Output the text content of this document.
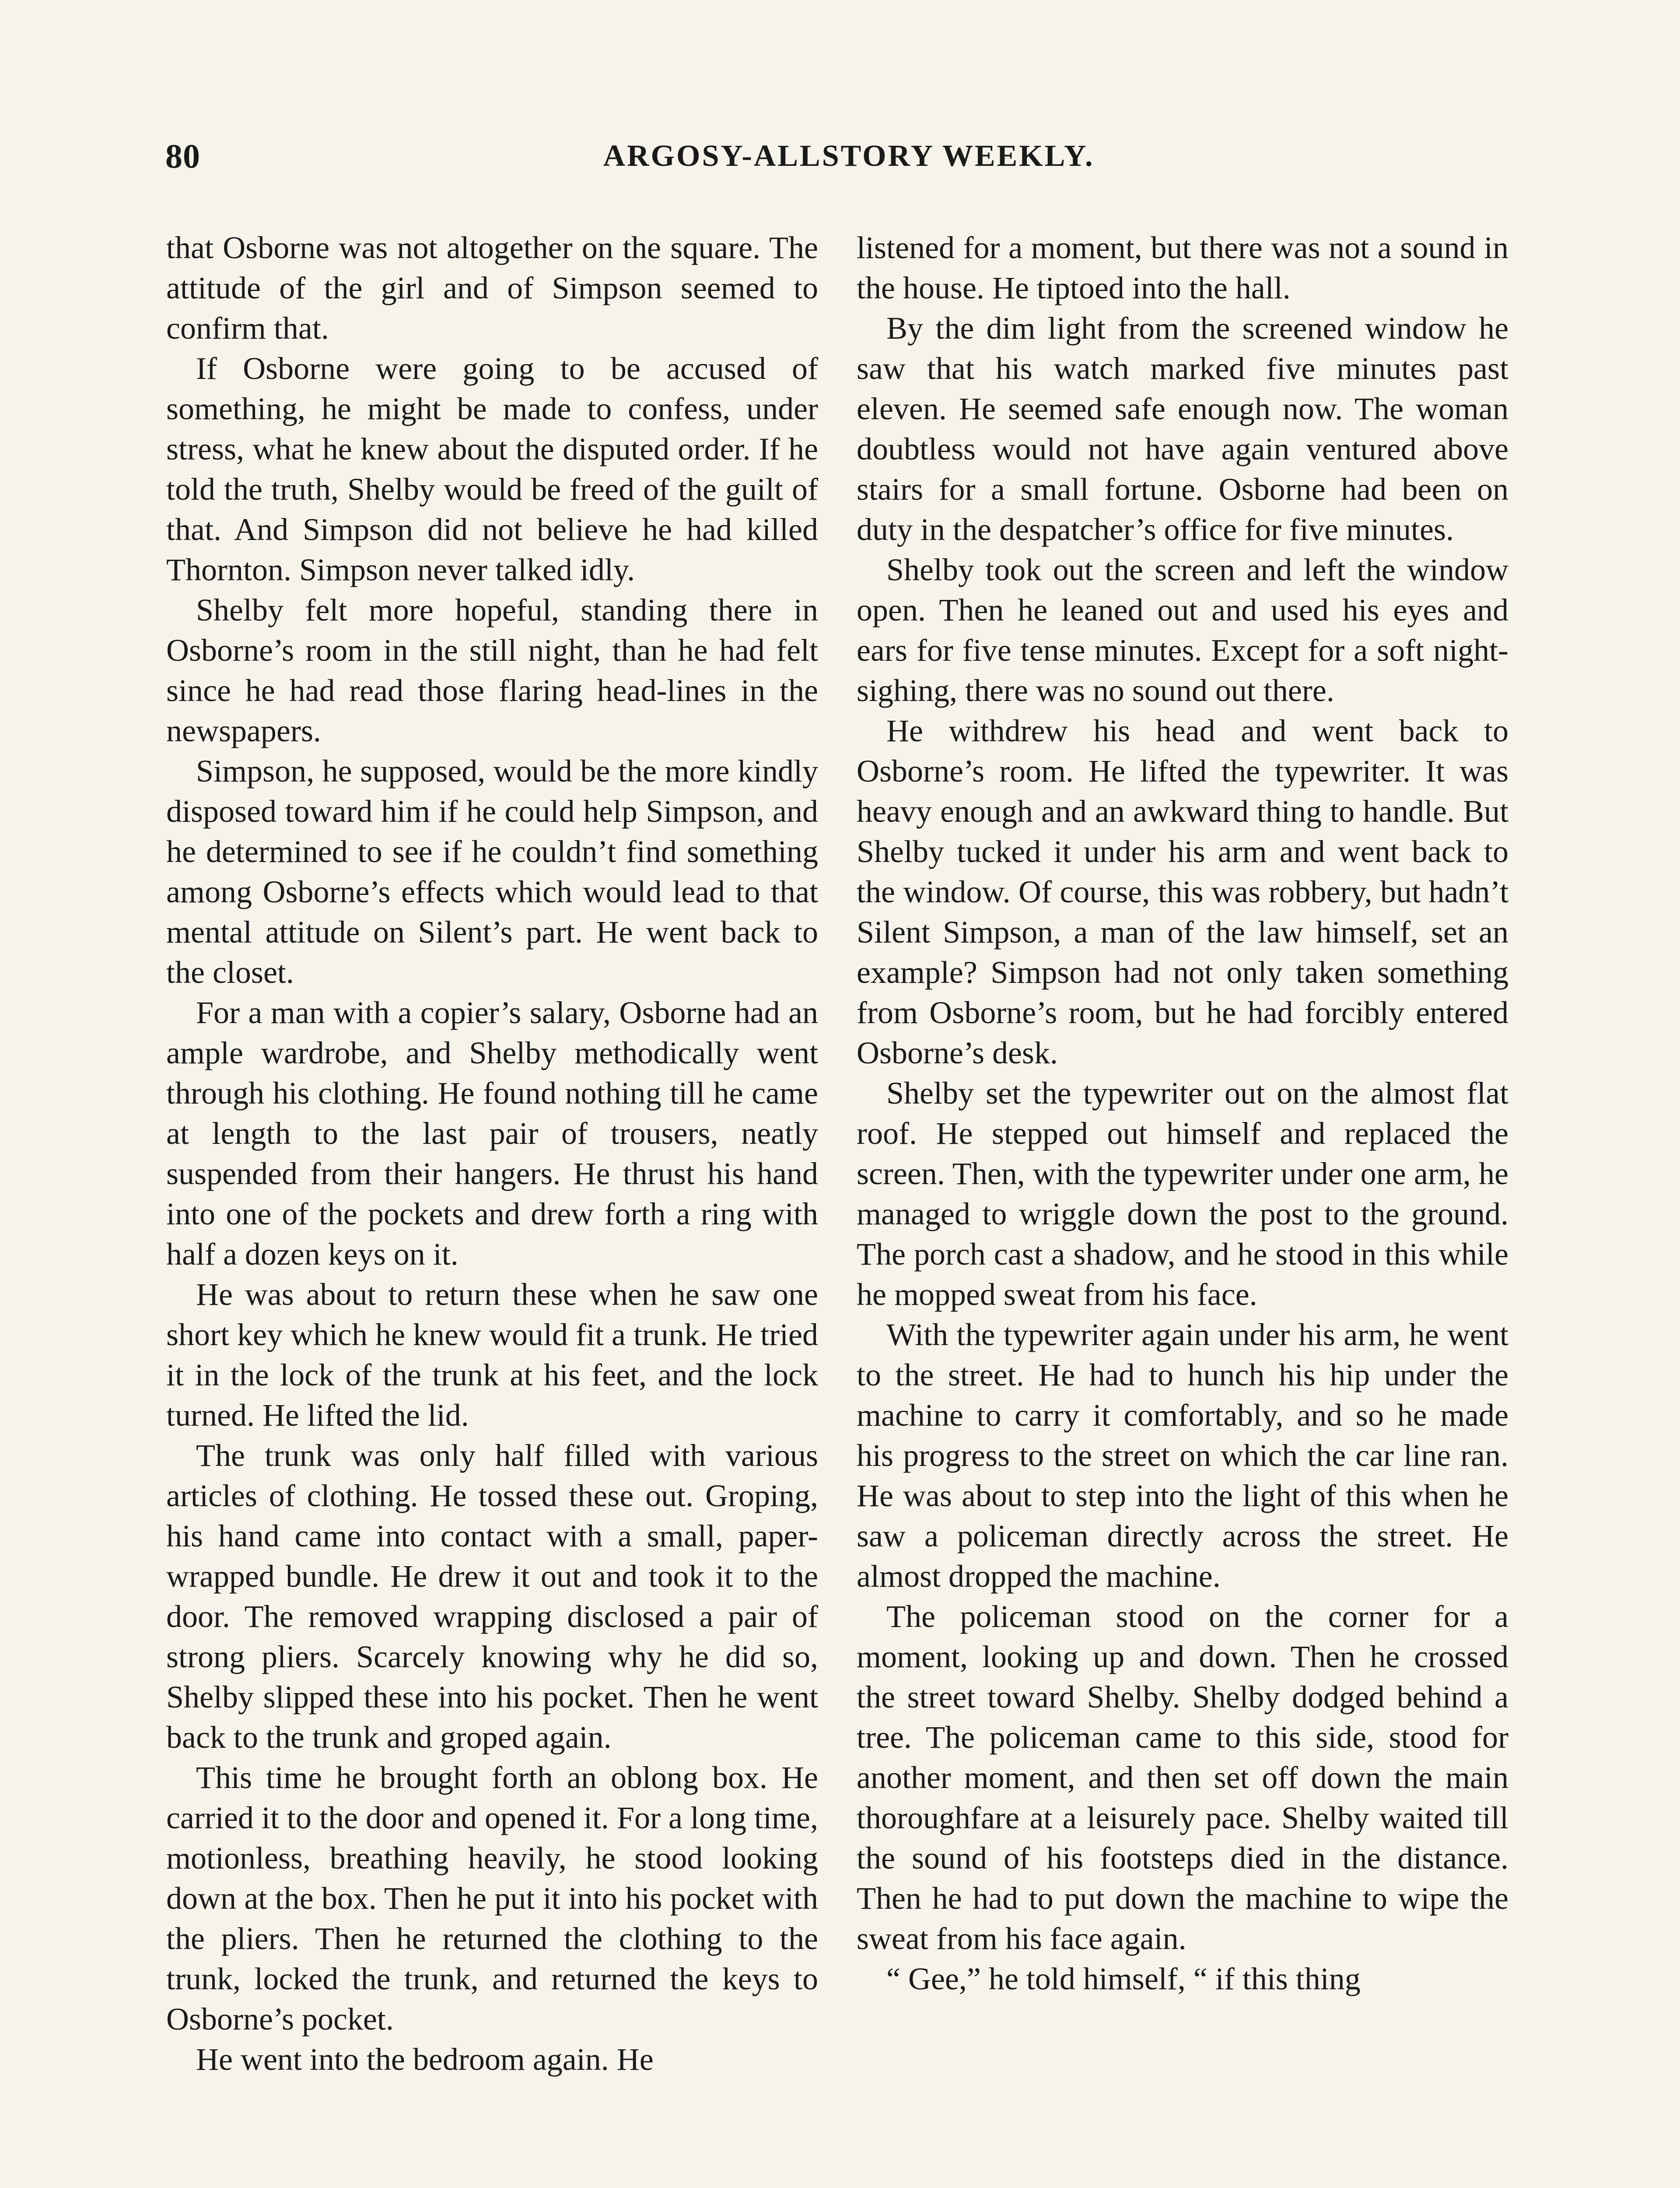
80	ARGOSY-ALLSTORY WEEKLY.

that Osborne was not altogether on the square. The attitude of the girl and of Simpson seemed to confirm that.

If Osborne were going to be accused of something, he might be made to confess, under stress, what he knew about the disputed order. If he told the truth, Shelby would be freed of the guilt of that. And Simpson did not believe he had killed Thornton. Simpson never talked idly.

Shelby felt more hopeful, standing there in Osborne’s room in the still night, than he had felt since he had read those flaring head-lines in the newspapers.

Simpson, he supposed, would be the more kindly disposed toward him if he could help Simpson, and he determined to see if he couldn’t find something among Osborne’s effects which would lead to that mental attitude on Silent’s part. He went back to the closet.

For a man with a copier’s salary, Osborne had an ample wardrobe, and Shelby methodically went through his clothing. He found nothing till he came at length to the last pair of trousers, neatly suspended from their hangers. He thrust his hand into one of the pockets and drew forth a ring with half a dozen keys on it.

He was about to return these when he saw one short key which he knew would fit a trunk. He tried it in the lock of the trunk at his feet, and the lock turned. He lifted the lid.

The trunk was only half filled with various articles of clothing. He tossed these out. Groping, his hand came into contact with a small, paper-wrapped bundle. He drew it out and took it to the door. The removed wrapping disclosed a pair of strong pliers. Scarcely knowing why he did so, Shelby slipped these into his pocket. Then he went back to the trunk and groped again.

This time he brought forth an oblong box. He carried it to the door and opened it. For a long time, motionless, breathing heavily, he stood looking down at the box. Then he put it into his pocket with the pliers. Then he returned the clothing to the trunk, locked the trunk, and returned the keys to Osborne’s pocket.

He went into the bedroom again. He

listened for a moment, but there was not a sound in the house. He tiptoed into the hall.

By the dim light from the screened window he saw that his watch marked five minutes past eleven. He seemed safe enough now. The woman doubtless would not have again ventured above stairs for a small fortune. Osborne had been on duty in the despatcher’s office for five minutes.

Shelby took out the screen and left the window open. Then he leaned out and used his eyes and ears for five tense minutes. Except for a soft night-sighing, there was no sound out there.

He withdrew his head and went back to Osborne’s room. He lifted the typewriter. It was heavy enough and an awkward thing to handle. But Shelby tucked it under his arm and went back to the window. Of course, this was robbery, but hadn’t Silent Simpson, a man of the law himself, set an example? Simpson had not only taken something from Osborne’s room, but he had forcibly entered Osborne’s desk.

Shelby set the typewriter out on the almost flat roof. He stepped out himself and replaced the screen. Then, with the typewriter under one arm, he managed to wriggle down the post to the ground. The porch cast a shadow, and he stood in this while he mopped sweat from his face.

With the typewriter again under his arm, he went to the street. He had to hunch his hip under the machine to carry it comfortably, and so he made his progress to the street on which the car line ran. He was about to step into the light of this when he saw a policeman directly across the street. He almost dropped the machine.

The policeman stood on the corner for a moment, looking up and down. Then he crossed the street toward Shelby. Shelby dodged behind a tree. The policeman came to this side, stood for another moment, and then set off down the main thoroughfare at a leisurely pace. Shelby waited till the sound of his footsteps died in the distance. Then he had to put down the machine to wipe the sweat from his face again.

“ Gee,” he told himself, “ if this thing
